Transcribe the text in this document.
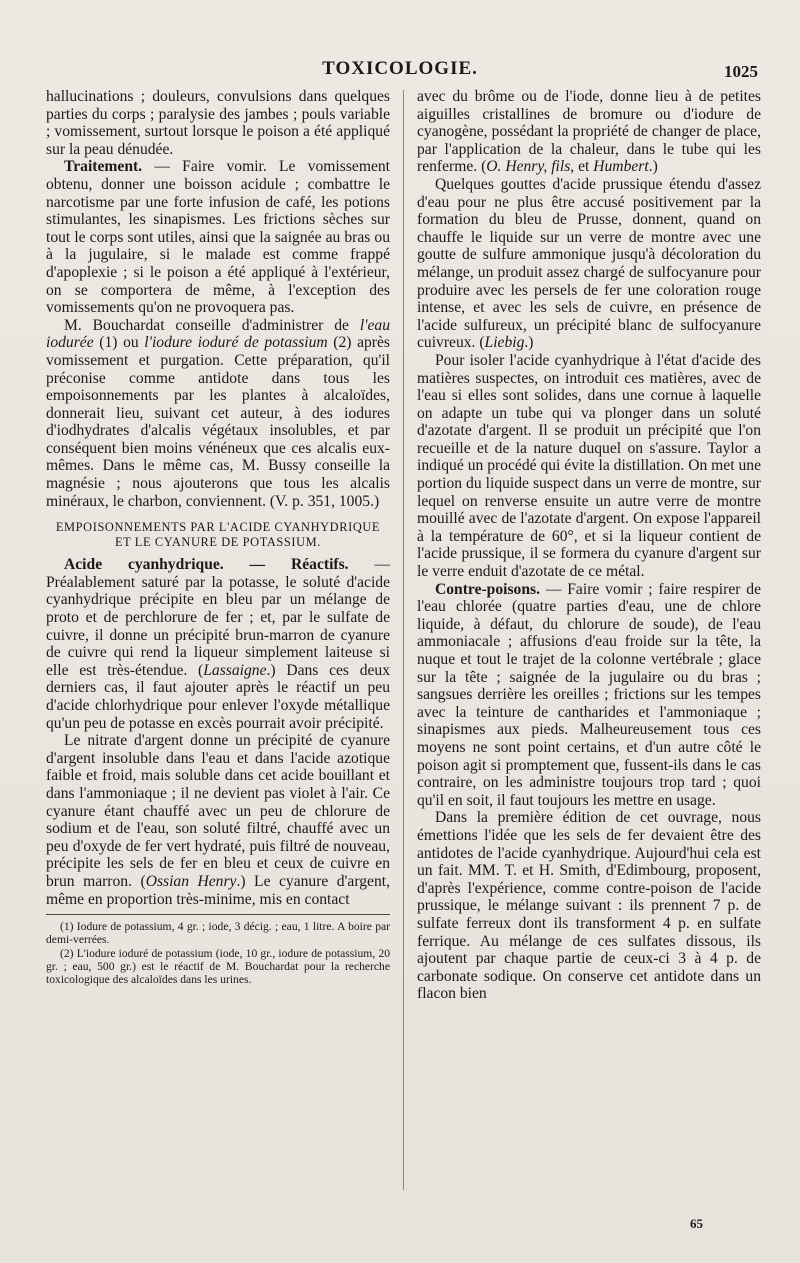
TOXICOLOGIE.	1025

hallucinations ; douleurs, convulsions dans quelques parties du corps ; paralysie des jambes ; pouls variable ; vomissement, surtout lorsque le poison a été appliqué sur la peau dénudée.

Traitement. — Faire vomir. Le vomissement obtenu, donner une boisson acidule ; combattre le narcotisme par une forte infusion de café, les potions stimulantes, les sinapismes. Les frictions sèches sur tout le corps sont utiles, ainsi que la saignée au bras ou à la jugulaire, si le malade est comme frappé d'apoplexie ; si le poison a été appliqué à l'extérieur, on se comportera de même, à l'exception des vomissements qu'on ne provoquera pas.

M. Bouchardat conseille d'administrer de l'eau iodurée (1) ou l'iodure ioduré de potassium (2) après vomissement et purgation. Cette préparation, qu'il préconise comme antidote dans tous les empoisonnements par les plantes à alcaloïdes, donnerait lieu, suivant cet auteur, à des iodures d'iodhydrates d'alcalis végétaux insolubles, et par conséquent bien moins vénéneux que ces alcalis eux-mêmes. Dans le même cas, M. Bussy conseille la magnésie ; nous ajouterons que tous les alcalis minéraux, le charbon, conviennent. (V. p. 351, 1005.)

EMPOISONNEMENTS PAR L'ACIDE CYANHYDRIQUE ET LE CYANURE DE POTASSIUM.

Acide cyanhydrique. — Réactifs. — Préalablement saturé par la potasse, le soluté d'acide cyanhydrique précipite en bleu par un mélange de proto et de perchlorure de fer ; et, par le sulfate de cuivre, il donne un précipité brun-marron de cyanure de cuivre qui rend la liqueur simplement laiteuse si elle est très-étendue. (Lassaigne.) Dans ces deux derniers cas, il faut ajouter après le réactif un peu d'acide chlorhydrique pour enlever l'oxyde métallique qu'un peu de potasse en excès pourrait avoir précipité.

Le nitrate d'argent donne un précipité de cyanure d'argent insoluble dans l'eau et dans l'acide azotique faible et froid, mais soluble dans cet acide bouillant et dans l'ammoniaque ; il ne devient pas violet à l'air. Ce cyanure étant chauffé avec un peu de chlorure de sodium et de l'eau, son soluté filtré, chauffé avec un peu d'oxyde de fer vert hydraté, puis filtré de nouveau, précipite les sels de fer en bleu et ceux de cuivre en brun marron. (Ossian Henry.) Le cyanure d'argent, même en proportion très-minime, mis en contact

(1) Iodure de potassium, 4 gr. ; iode, 3 décig. ; eau, 1 litre. A boire par demi-verrées.

(2) L'iodure ioduré de potassium (iode, 10 gr., iodure de potassium, 20 gr. ; eau, 500 gr.) est le réactif de M. Bouchardat pour la recherche toxicologique des alcaloïdes dans les urines.

avec du brôme ou de l'iode, donne lieu à de petites aiguilles cristallines de bromure ou d'iodure de cyanogène, possédant la propriété de changer de place, par l'application de la chaleur, dans le tube qui les renferme. (O. Henry, fils, et Humbert.)

Quelques gouttes d'acide prussique étendu d'assez d'eau pour ne plus être accusé positivement par la formation du bleu de Prusse, donnent, quand on chauffe le liquide sur un verre de montre avec une goutte de sulfure ammonique jusqu'à décoloration du mélange, un produit assez chargé de sulfocyanure pour produire avec les persels de fer une coloration rouge intense, et avec les sels de cuivre, en présence de l'acide sulfureux, un précipité blanc de sulfocyanure cuivreux. (Liebig.)

Pour isoler l'acide cyanhydrique à l'état d'acide des matières suspectes, on introduit ces matières, avec de l'eau si elles sont solides, dans une cornue à laquelle on adapte un tube qui va plonger dans un soluté d'azotate d'argent. Il se produit un précipité que l'on recueille et de la nature duquel on s'assure. Taylor a indiqué un procédé qui évite la distillation. On met une portion du liquide suspect dans un verre de montre, sur lequel on renverse ensuite un autre verre de montre mouillé avec de l'azotate d'argent. On expose l'appareil à la température de 60°, et si la liqueur contient de l'acide prussique, il se formera du cyanure d'argent sur le verre enduit d'azotate de ce métal.

Contre-poisons. — Faire vomir ; faire respirer de l'eau chlorée (quatre parties d'eau, une de chlore liquide, à défaut, du chlorure de soude), de l'eau ammoniacale ; affusions d'eau froide sur la tête, la nuque et tout le trajet de la colonne vertébrale ; glace sur la tête ; saignée de la jugulaire ou du bras ; sangsues derrière les oreilles ; frictions sur les tempes avec la teinture de cantharides et l'ammoniaque ; sinapismes aux pieds. Malheureusement tous ces moyens ne sont point certains, et d'un autre côté le poison agit si promptement que, fussent-ils dans le cas contraire, on les administre toujours trop tard ; quoi qu'il en soit, il faut toujours les mettre en usage.

Dans la première édition de cet ouvrage, nous émettions l'idée que les sels de fer devaient être des antidotes de l'acide cyanhydrique. Aujourd'hui cela est un fait. MM. T. et H. Smith, d'Edimbourg, proposent, d'après l'expérience, comme contre-poison de l'acide prussique, le mélange suivant : ils prennent 7 p. de sulfate ferreux dont ils transforment 4 p. en sulfate ferrique. Au mélange de ces sulfates dissous, ils ajoutent par chaque partie de ceux-ci 3 à 4 p. de carbonate sodique. On conserve cet antidote dans un flacon bien

65
